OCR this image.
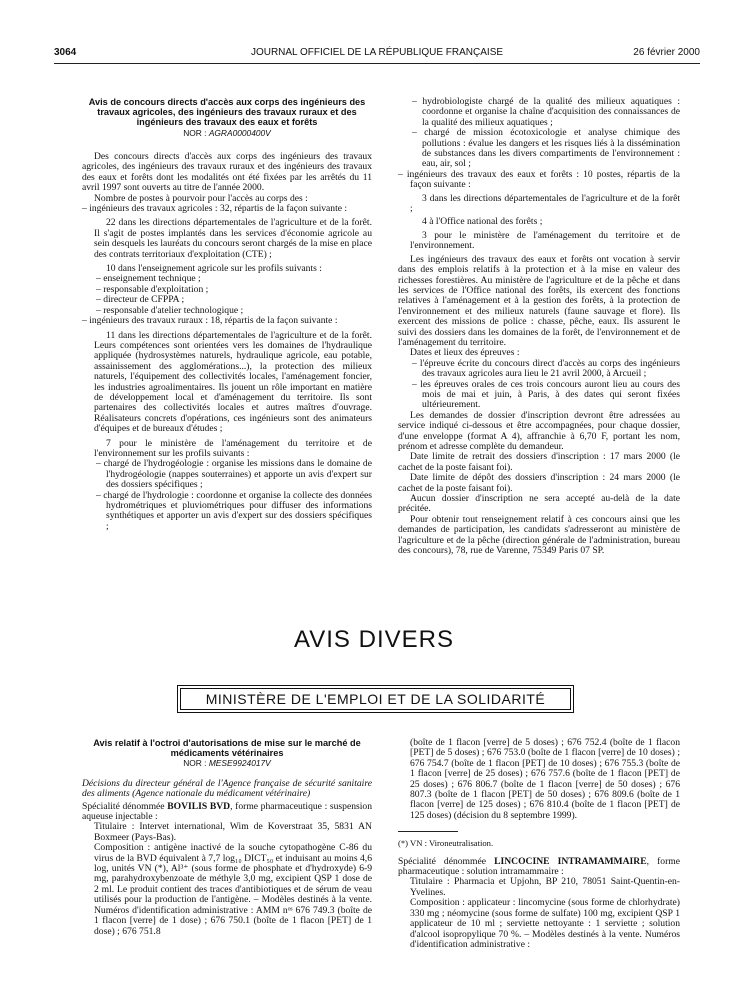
3064	JOURNAL OFFICIEL DE LA RÉPUBLIQUE FRANÇAISE	26 février 2000

Avis de concours directs d'accès aux corps des ingénieurs des travaux agricoles, des ingénieurs des travaux ruraux et des ingénieurs des travaux des eaux et forêts

NOR : AGRA0000400V

Des concours directs d'accès aux corps des ingénieurs des travaux agricoles, des ingénieurs des travaux ruraux et des ingénieurs des travaux des eaux et forêts dont les modalités ont été fixées par les arrêtés du 11 avril 1997 sont ouverts au titre de l'année 2000.

Nombre de postes à pourvoir pour l'accès au corps des :

– ingénieurs des travaux agricoles : 32, répartis de la façon suivante :

22 dans les directions départementales de l'agriculture et de la forêt. Il s'agit de postes implantés dans les services d'économie agricole au sein desquels les lauréats du concours seront chargés de la mise en place des contrats territoriaux d'exploitation (CTE) ;

10 dans l'enseignement agricole sur les profils suivants :

– enseignement technique ;

– responsable d'exploitation ;

– directeur de CFPPA ;

– responsable d'atelier technologique ;

– ingénieurs des travaux ruraux : 18, répartis de la façon suivante :

11 dans les directions départementales de l'agriculture et de la forêt. Leurs compétences sont orientées vers les domaines de l'hydraulique appliquée (hydrosystèmes naturels, hydraulique agricole, eau potable, assainissement des agglomérations...), la protection des milieux naturels, l'équipement des collectivités locales, l'aménagement foncier, les industries agroalimentaires. Ils jouent un rôle important en matière de développement local et d'aménagement du territoire. Ils sont partenaires des collectivités locales et autres maîtres d'ouvrage. Réalisateurs concrets d'opérations, ces ingénieurs sont des animateurs d'équipes et de bureaux d'études ;

7 pour le ministère de l'aménagement du territoire et de l'environnement sur les profils suivants :

– chargé de l'hydrogéologie : organise les missions dans le domaine de l'hydrogéologie (nappes souterraines) et apporte un avis d'expert sur des dossiers spécifiques ;

– chargé de l'hydrologie : coordonne et organise la collecte des données hydrométriques et pluviométriques pour diffuser des informations synthétiques et apporter un avis d'expert sur des dossiers spécifiques ;

– hydrobiologiste chargé de la qualité des milieux aquatiques : coordonne et organise la chaîne d'acquisition des connaissances de la qualité des milieux aquatiques ;

– chargé de mission écotoxicologie et analyse chimique des pollutions : évalue les dangers et les risques liés à la dissémination de substances dans les divers compartiments de l'environnement : eau, air, sol ;

– ingénieurs des travaux des eaux et forêts : 10 postes, répartis de la façon suivante :

3 dans les directions départementales de l'agriculture et de la forêt ;

4 à l'Office national des forêts ;

3 pour le ministère de l'aménagement du territoire et de l'environnement.

Les ingénieurs des travaux des eaux et forêts ont vocation à servir dans des emplois relatifs à la protection et à la mise en valeur des richesses forestières. Au ministère de l'agriculture et de la pêche et dans les services de l'Office national des forêts, ils exercent des fonctions relatives à l'aménagement et à la gestion des forêts, à la protection de l'environnement et des milieux naturels (faune sauvage et flore). Ils exercent des missions de police : chasse, pêche, eaux. Ils assurent le suivi des dossiers dans les domaines de la forêt, de l'environnement et de l'aménagement du territoire.

Dates et lieux des épreuves :

– l'épreuve écrite du concours direct d'accès au corps des ingénieurs des travaux agricoles aura lieu le 21 avril 2000, à Arcueil ;

– les épreuves orales de ces trois concours auront lieu au cours des mois de mai et juin, à Paris, à des dates qui seront fixées ultérieurement.

Les demandes de dossier d'inscription devront être adressées au service indiqué ci-dessous et être accompagnées, pour chaque dossier, d'une enveloppe (format A 4), affranchie à 6,70 F, portant les nom, prénom et adresse complète du demandeur.

Date limite de retrait des dossiers d'inscription : 17 mars 2000 (le cachet de la poste faisant foi).

Date limite de dépôt des dossiers d'inscription : 24 mars 2000 (le cachet de la poste faisant foi).

Aucun dossier d'inscription ne sera accepté au-delà de la date précitée.

Pour obtenir tout renseignement relatif à ces concours ainsi que les demandes de participation, les candidats s'adresseront au ministère de l'agriculture et de la pêche (direction générale de l'administration, bureau des concours), 78, rue de Varenne, 75349 Paris 07 SP.

AVIS DIVERS
MINISTÈRE DE L'EMPLOI ET DE LA SOLIDARITÉ

Avis relatif à l'octroi d'autorisations de mise sur le marché de médicaments vétérinaires

NOR : MESE9924017V

Décisions du directeur général de l'Agence française de sécurité sanitaire des aliments (Agence nationale du médicament vétérinaire)

Spécialité dénommée BOVILIS BVD, forme pharmaceutique : suspension aqueuse injectable :

Titulaire : Intervet international, Wim de Koverstraat 35, 5831 AN Boxmeer (Pays-Bas).

Composition : antigène inactivé de la souche cytopathogène C-86 du virus de la BVD équivalent à 7,7 log₁₀ DICT₅₀ et induisant au moins 4,6 log, unités VN (*), Al³⁺ (sous forme de phosphate et d'hydroxyde) 6-9 mg, parahydroxybenzoate de méthyle 3,0 mg, excipient QSP 1 dose de 2 ml. Le produit contient des traces d'antibiotiques et de sérum de veau utilisés pour la production de l'antigène. – Modèles destinés à la vente. Numéros d'identification administrative : AMM nᵒˢ 676 749.3 (boîte de 1 flacon [verre] de 1 dose) ; 676 750.1 (boîte de 1 flacon [PET] de 1 dose) ; 676 751.8

(boîte de 1 flacon [verre] de 5 doses) ; 676 752.4 (boîte de 1 flacon [PET] de 5 doses) ; 676 753.0 (boîte de 1 flacon [verre] de 10 doses) ; 676 754.7 (boîte de 1 flacon [PET] de 10 doses) ; 676 755.3 (boîte de 1 flacon [verre] de 25 doses) ; 676 757.6 (boîte de 1 flacon [PET] de 25 doses) ; 676 806.7 (boîte de 1 flacon [verre] de 50 doses) ; 676 807.3 (boîte de 1 flacon [PET] de 50 doses) ; 676 809.6 (boîte de 1 flacon [verre] de 125 doses) ; 676 810.4 (boîte de 1 flacon [PET] de 125 doses) (décision du 8 septembre 1999).

(*) VN : Vironeutralisation.

Spécialité dénommée LINCOCINE INTRAMAMMAIRE, forme pharmaceutique : solution intramammaire :

Titulaire : Pharmacia et Upjohn, BP 210, 78051 Saint-Quentin-en-Yvelines.

Composition : applicateur : lincomycine (sous forme de chlorhydrate) 330 mg ; néomycine (sous forme de sulfate) 100 mg, excipient QSP 1 applicateur de 10 ml ; serviette nettoyante : 1 serviette ; solution d'alcool isopropylique 70 %. – Modèles destinés à la vente. Numéros d'identification administrative :
